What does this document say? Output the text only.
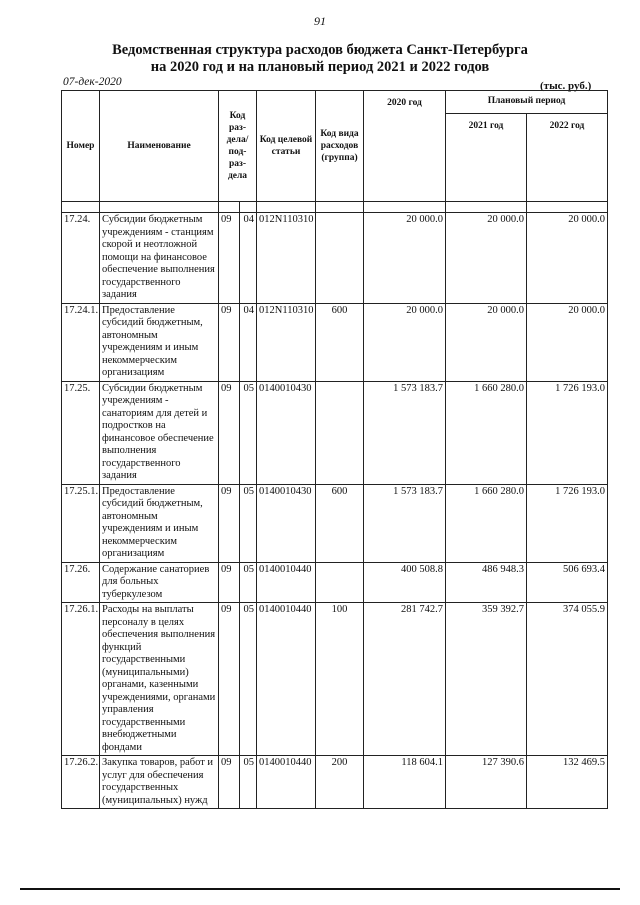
91
Ведомственная структура расходов бюджета Санкт-Петербурга
на 2020 год и на плановый период 2021 и 2022 годов
07-дек-2020	(тыс. руб.)
Номер	Наименование	Код раз- дела/ под- раз- дела		Код целевой статьи	Код вида расходов (группа)	2020 год	Плановый период	
							2021 год	2022 год

17.24.	Субсидии бюджетным учреждениям - станциям скорой и неотложной помощи на финансовое обеспечение выполнения государственного задания	09	04	012N110310		20 000.0	20 000.0	20 000.0
17.24.1.	Предоставление субсидий бюджетным, автономным учреждениям и иным некоммерческим организациям	09	04	012N110310	600	20 000.0	20 000.0	20 000.0
17.25.	Субсидии бюджетным учреждениям - санаториям для детей и подростков на финансовое обеспечение выполнения государственного задания	09	05	0140010430		1 573 183.7	1 660 280.0	1 726 193.0
17.25.1.	Предоставление субсидий бюджетным, автономным учреждениям и иным некоммерческим организациям	09	05	0140010430	600	1 573 183.7	1 660 280.0	1 726 193.0
17.26.	Содержание санаториев для больных туберкулезом	09	05	0140010440		400 508.8	486 948.3	506 693.4
17.26.1.	Расходы на выплаты персоналу в целях обеспечения выполнения функций государственными (муниципальными) органами, казенными учреждениями, органами управления государственными внебюджетными фондами	09	05	0140010440	100	281 742.7	359 392.7	374 055.9
17.26.2.	Закупка товаров, работ и услуг для обеспечения государственных (муниципальных) нужд	09	05	0140010440	200	118 604.1	127 390.6	132 469.5
